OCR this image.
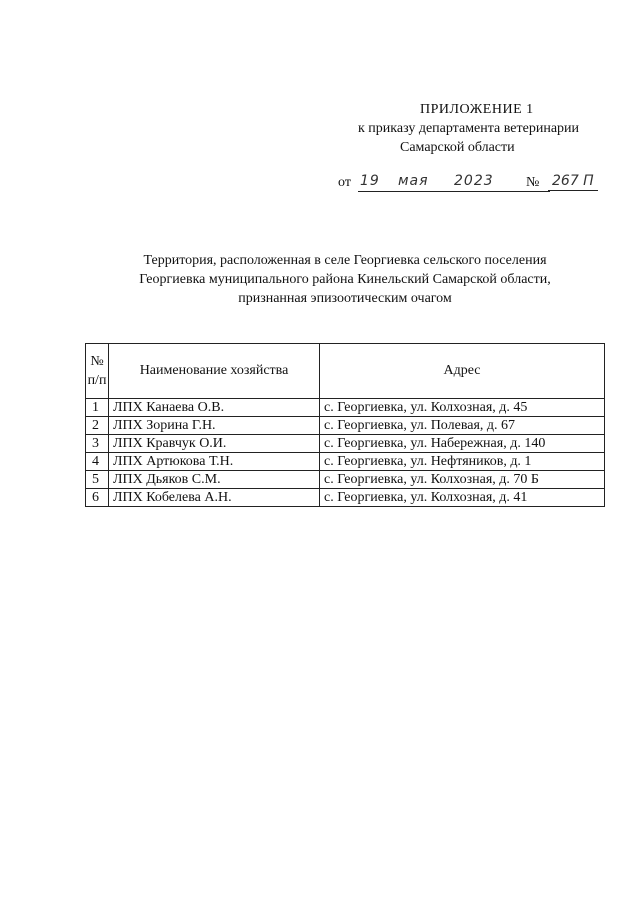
ПРИЛОЖЕНИЕ 1
к приказу департамента ветеринарии
Самарской области
от 19 мая 2023 № 267 П
Территория, расположенная в селе Георгиевка сельского поселения
Георгиевка муниципального района Кинельский Самарской области,
признанная эпизоотическим очагом
№
п/п	Наименование хозяйства	Адрес
1	ЛПХ Канаева О.В.	с. Георгиевка, ул. Колхозная, д. 45
2	ЛПХ Зорина Г.Н.	с. Георгиевка, ул. Полевая, д. 67
3	ЛПХ Кравчук О.И.	с. Георгиевка, ул. Набережная, д. 140
4	ЛПХ Артюкова Т.Н.	с. Георгиевка, ул. Нефтяников, д. 1
5	ЛПХ Дьяков С.М.	с. Георгиевка, ул. Колхозная, д. 70 Б
6	ЛПХ Кобелева А.Н.	с. Георгиевка, ул. Колхозная, д. 41
